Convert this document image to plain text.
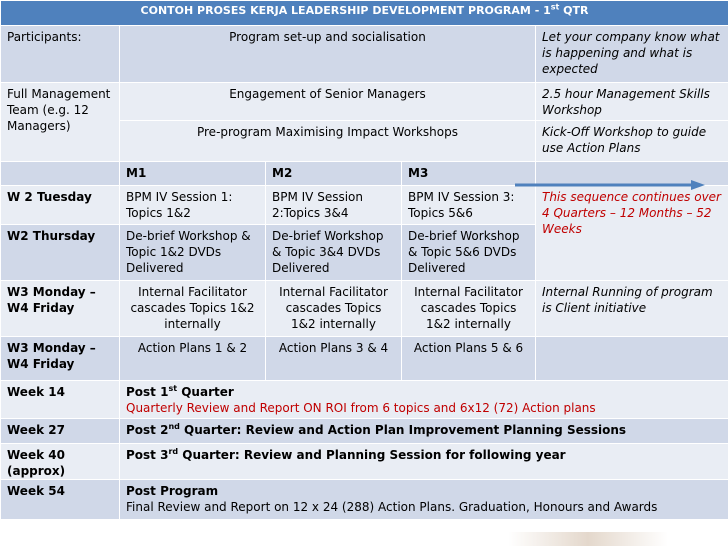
CONTOH PROSES KERJA LEADERSHIP DEVELOPMENT PROGRAM - 1st QTR				
Participants:	Program set-up and socialisation			Let your company know what is happening and what is expected
Full Management Team (e.g. 12 Managers)	Engagement of Senior Managers			2.5 hour Management Skills Workshop
	Pre-program Maximising Impact Workshops			Kick-Off Workshop to guide use Action Plans
	M1	M2	M3	
W 2 Tuesday	BPM IV Session 1: Topics 1&2	BPM IV Session 2:Topics 3&4	BPM IV Session 3: Topics 5&6	This sequence continues over 4 Quarters – 12 Months – 52 Weeks
W2 Thursday	De-brief Workshop & Topic 1&2 DVDs Delivered	De-brief Workshop & Topic 3&4 DVDs Delivered	De-brief Workshop & Topic 5&6 DVDs Delivered	
W3 Monday – W4 Friday	Internal Facilitator cascades Topics 1&2 internally	Internal Facilitator cascades Topics 1&2 internally	Internal Facilitator cascades Topics 1&2 internally	Internal Running of program is Client initiative
W3 Monday – W4 Friday	Action Plans 1 & 2	Action Plans 3 & 4	Action Plans 5 & 6	
Week 14	Post 1st Quarter
Quarterly Review and Report ON ROI from 6 topics and 6x12 (72) Action plans			

Week 27	Post 2nd Quarter: Review and Action Plan Improvement Planning Sessions			
Week 40 (approx)	Post 3rd Quarter: Review and Planning Session for following year			
Week 54	Post Program
Final Review and Report on 12 x 24 (288) Action Plans. Graduation, Honours and Awards			
